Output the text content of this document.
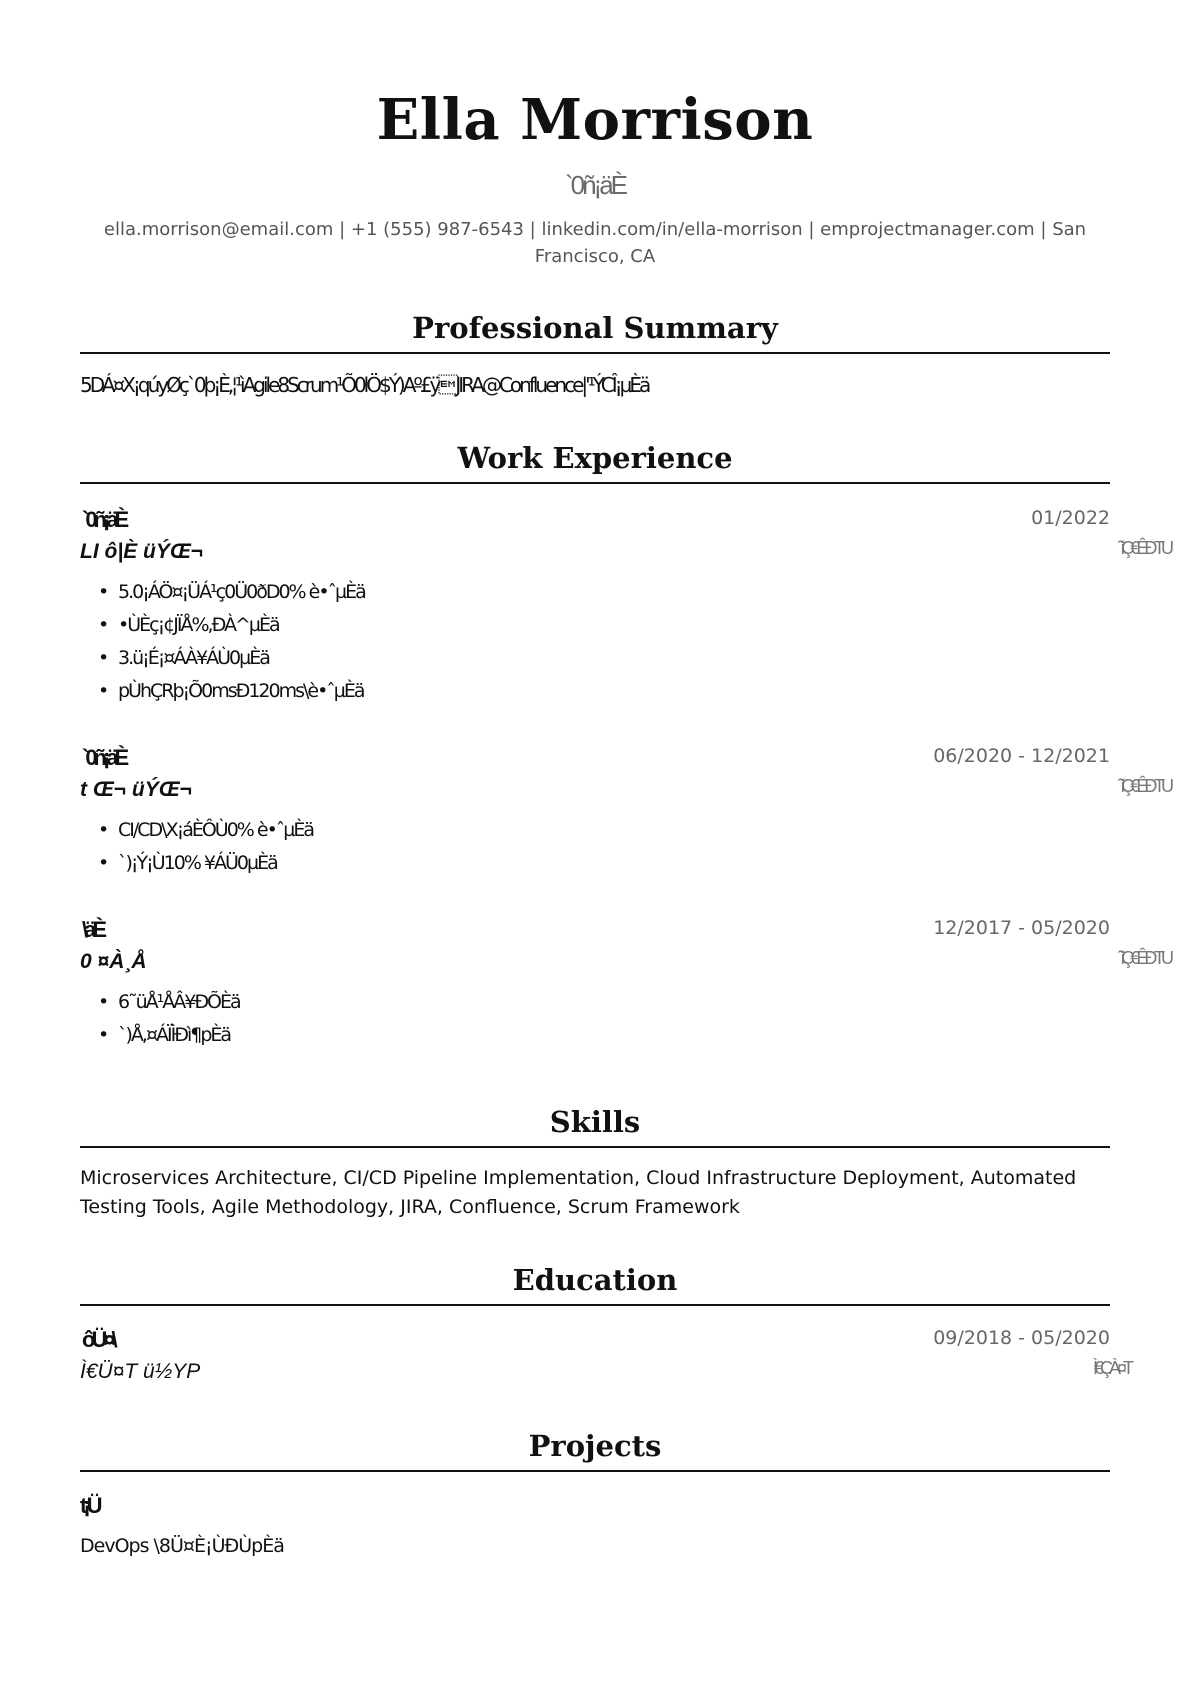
Ella Morrison
`0ñ¡äÈ
ella.morrison@email.com | +1 (555) 987-6543 | linkedin.com/in/ella-morrison | emprojectmanager.com | San Francisco, CA
Professional Summary
5DÁ¤X¡qúyØç`0þ¡È,¦¹ìAgile8Scrum¹Õ0lÖ$Ý)Aº£ÿJIRA@Confluence|'¹ÝCÎ¡µÈä
Work Experience
`0ñ¡äÈ	01/2022
LI ô|È üÝŒ¬	˜ìÇ€ÊÐ TU
• 5.0¡ÁÖ¤¡ÜÁ¹ç0Ü0ðD0% è•ˆµÈä
• •ÙÈç¡¢JÏÅ%,ÐÀ^µÈä
• 3.ü¡É¡¤ÁÀ¥ÁÙ0µÈä
• pÙhÇRþ¡Õ0msÐ120ms\è•ˆµÈä
`0ñ¡äÈ	06/2020 - 12/2021
t Œ¬ üÝŒ¬	˜ìÇ€ÊÐ TU
• CI/CD\X¡áÈÔÙ0% è•ˆµÈä
• `)¡Ý¡Ù10% ¥ÁÜ0µÈä
\äÈ	12/2017 - 05/2020
0 ¤À¸Å	˜ìÇ€ÊÐ TU
• 6˜üÅ¹ÅÂ¥ÐÕÈä
• `)Å,¤ÁÏÌÐì¶pÈä
Skills
Microservices Architecture, CI/CD Pipeline Implementation, Cloud Infrastructure Deployment, Automated Testing Tools, Agile Methodology, JIRA, Confluence, Scrum Framework
Education
ôÜ¤\	09/2018 - 05/2020
Ì€Ü¤T ü½YP	Ì€ÇÀ¤T
Projects
t¡Ü
DevOps \8Ü¤È¡ÙÐÙpÈä
